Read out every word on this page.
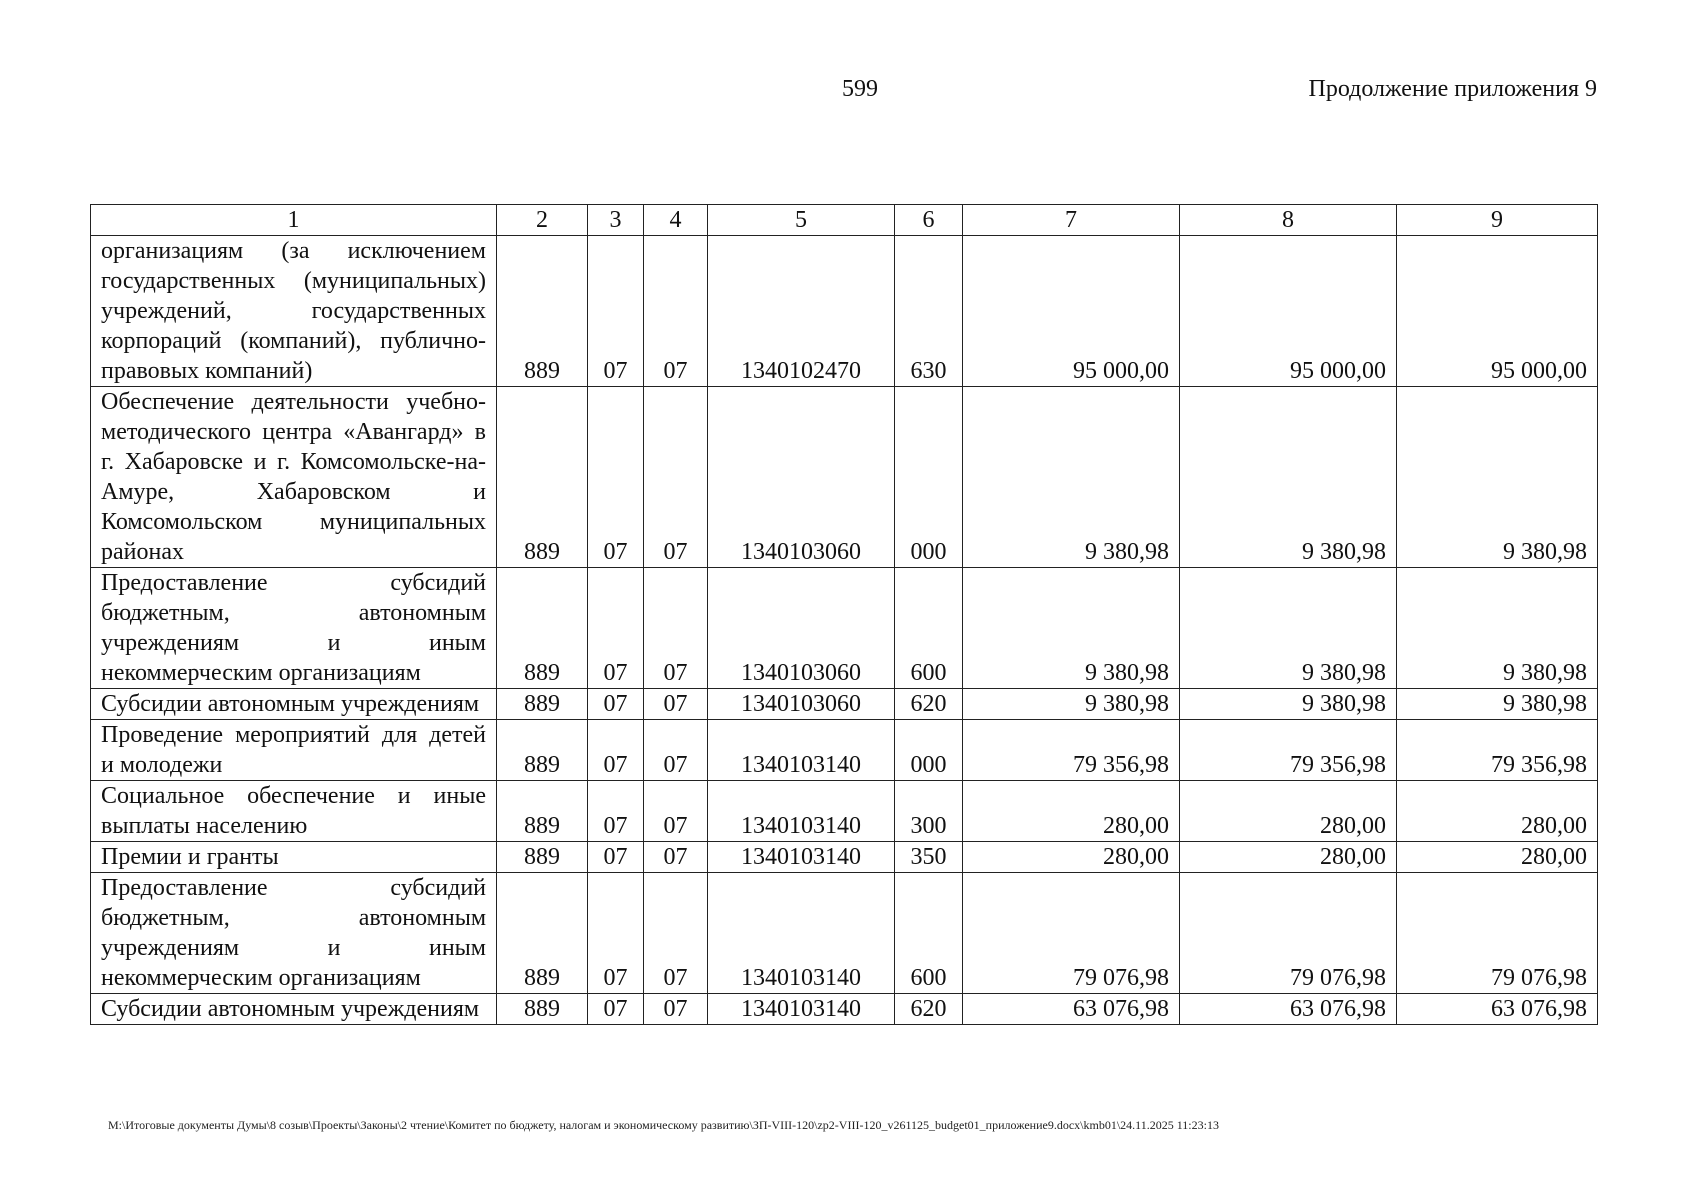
599	Продолжение приложения 9
1	2	3	4	5	6	7	8	9
организациям (за исключением государственных (муниципальных) учреждений, государственных корпораций (компаний), публично-правовых компаний)	889	07	07	1340102470	630	95 000,00	95 000,00	95 000,00
Обеспечение деятельности учебно-методического центра «Авангард» в г. Хабаровске и г. Комсомольске-на-Амуре, Хабаровском и Комсомольском муниципальных районах	889	07	07	1340103060	000	9 380,98	9 380,98	9 380,98
Предоставление субсидий бюджетным, автономным учреждениям и иным некоммерческим организациям	889	07	07	1340103060	600	9 380,98	9 380,98	9 380,98
Субсидии автономным учреждениям	889	07	07	1340103060	620	9 380,98	9 380,98	9 380,98
Проведение мероприятий для детей и молодежи	889	07	07	1340103140	000	79 356,98	79 356,98	79 356,98
Социальное обеспечение и иные выплаты населению	889	07	07	1340103140	300	280,00	280,00	280,00
Премии и гранты	889	07	07	1340103140	350	280,00	280,00	280,00
Предоставление субсидий бюджетным, автономным учреждениям и иным некоммерческим организациям	889	07	07	1340103140	600	79 076,98	79 076,98	79 076,98
Субсидии автономным учреждениям	889	07	07	1340103140	620	63 076,98	63 076,98	63 076,98
M:\Итоговые документы Думы\8 созыв\Проекты\Законы\2 чтение\Комитет по бюджету, налогам и экономическому развитию\ЗП-VIII-120\zp2-VIII-120_v261125_budget01_приложение9.docx\kmb01\24.11.2025 11:23:13
